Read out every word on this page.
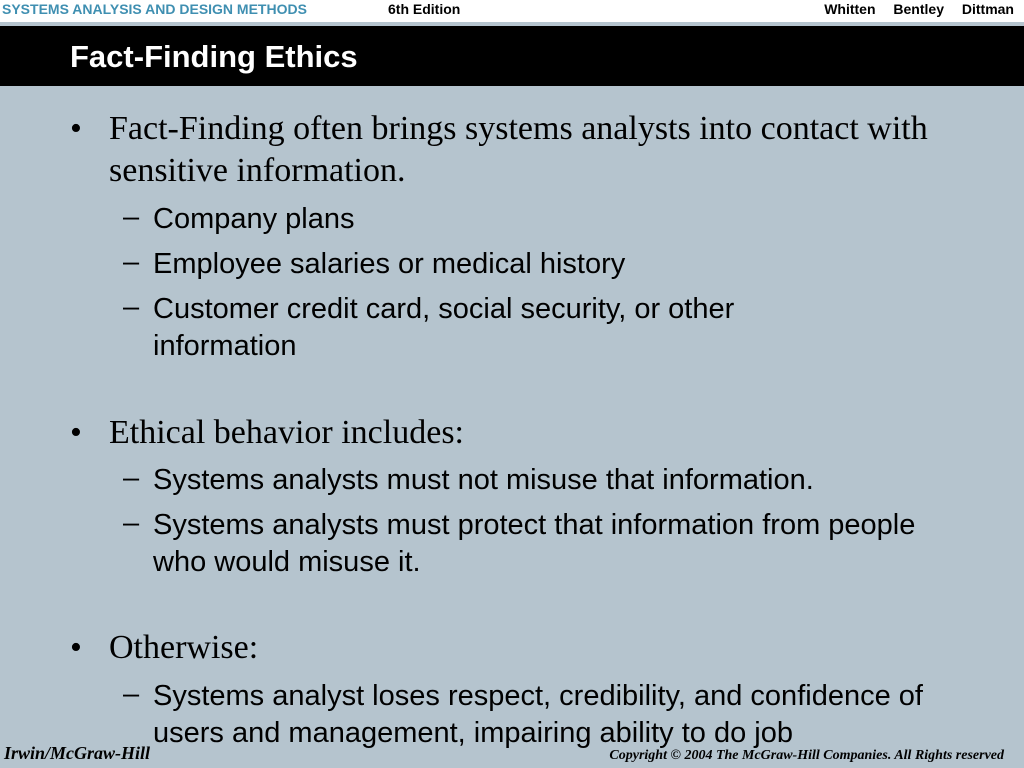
SYSTEMS ANALYSIS AND DESIGN METHODS	6th Edition	Whitten Bentley Dittman
Fact-Finding Ethics
• Fact-Finding often brings systems analysts into contact with sensitive information.
– Company plans
– Employee salaries or medical history
– Customer credit card, social security, or other information
• Ethical behavior includes:
– Systems analysts must not misuse that information.
– Systems analysts must protect that information from people who would misuse it.
• Otherwise:
– Systems analyst loses respect, credibility, and confidence of users and management, impairing ability to do job
Irwin/McGraw-Hill	Copyright © 2004 The McGraw-Hill Companies. All Rights reserved
